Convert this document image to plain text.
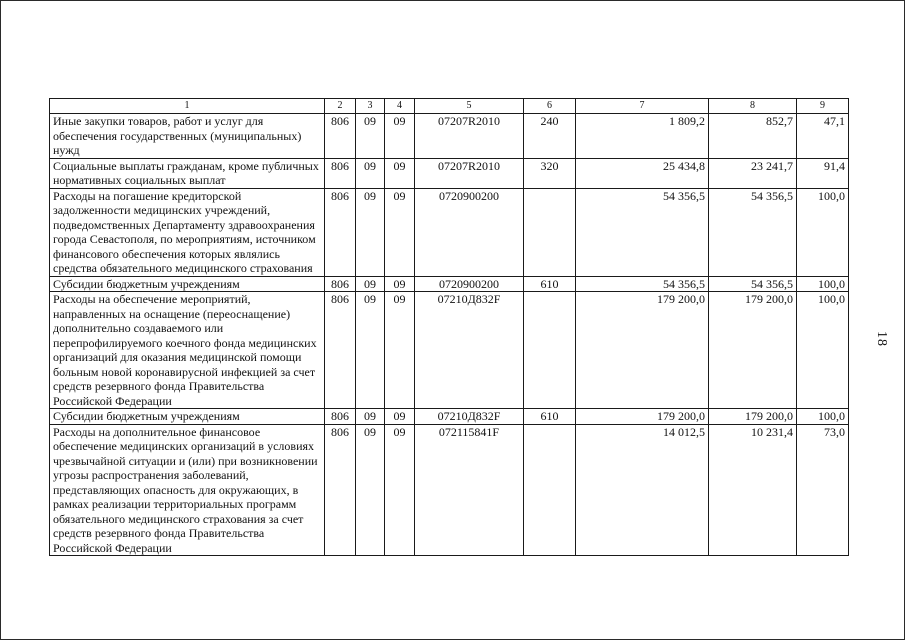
1	2	3	4	5	6	7	8	9
Иные закупки товаров, работ и услуг для обеспечения государственных (муниципальных) нужд	806	09	09	07207R2010	240	1 809,2	852,7	47,1
Социальные выплаты гражданам, кроме публичных нормативных социальных выплат	806	09	09	07207R2010	320	25 434,8	23 241,7	91,4
Расходы на погашение кредиторской задолженности медицинских учреждений, подведомственных Департаменту здравоохранения города Севастополя, по мероприятиям, источником финансового обеспечения которых являлись средства обязательного медицинского страхования	806	09	09	0720900200		54 356,5	54 356,5	100,0
Субсидии бюджетным учреждениям	806	09	09	0720900200	610	54 356,5	54 356,5	100,0
Расходы на обеспечение мероприятий, направленных на оснащение (переоснащение) дополнительно создаваемого или перепрофилируемого коечного фонда медицинских организаций для оказания медицинской помощи больным новой коронавирусной инфекцией за счет средств резервного фонда Правительства Российской Федерации	806	09	09	07210Д832F		179 200,0	179 200,0	100,0
Субсидии бюджетным учреждениям	806	09	09	07210Д832F	610	179 200,0	179 200,0	100,0
Расходы на дополнительное финансовое обеспечение медицинских организаций в условиях чрезвычайной ситуации и (или) при возникновении угрозы распространения заболеваний, представляющих опасность для окружающих, в рамках реализации территориальных программ обязательного медицинского страхования за счет средств резервного фонда Правительства Российской Федерации	806	09	09	072115841F		14 012,5	10 231,4	73,0
18
